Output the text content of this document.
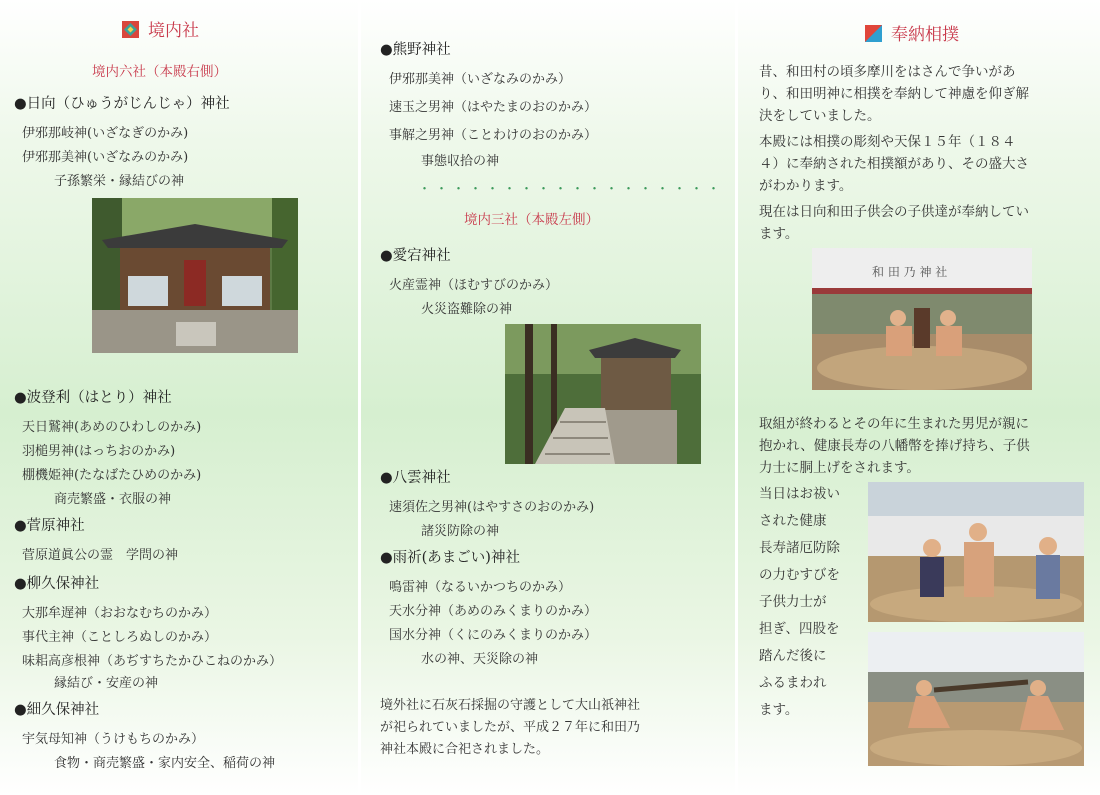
境内社
境内六社（本殿右側）
●日向（ひゅうがじんじゃ）神社
伊邪那岐神(いざなぎのかみ)
伊邪那美神(いざなみのかみ)
子孫繁栄・縁結びの神
●波登利（はとり）神社
天日鷲神(あめのひわしのかみ)
羽槌男神(はっちおのかみ)
棚機姫神(たなばたひめのかみ)
商売繁盛・衣服の神
●菅原神社
菅原道眞公の霊　学問の神
●柳久保神社
大那牟遅神（おおなむちのかみ）
事代主神（ことしろぬしのかみ）
味耜高彦根神（あぢすちたかひこねのかみ）
縁結び・安産の神
●細久保神社
宇気母知神（うけもちのかみ）
食物・商売繁盛・家内安全、稲荷の神
●熊野神社
伊邪那美神（いざなみのかみ）
速玉之男神（はやたまのおのかみ）
事解之男神（ことわけのおのかみ）
事態収拾の神
・・・・・・・・・・・・・・・・・・
境内三社（本殿左側）
●愛宕神社
火産霊神（ほむすびのかみ）
火災盗難除の神
●八雲神社
速須佐之男神(はやすさのおのかみ)
諸災防除の神
●雨祈(あまごい)神社
鳴雷神（なるいかつちのかみ）
天水分神（あめのみくまりのかみ）
国水分神（くにのみくまりのかみ）
水の神、天災除の神
境外社に石灰石採掘の守護として大山祇神社
が祀られていましたが、平成２７年に和田乃
神社本殿に合祀されました。
奉納相撲
昔、和田村の頃多摩川をはさんで争いがあ
り、和田明神に相撲を奉納して神慮を仰ぎ解
決をしていました。
本殿には相撲の彫刻や天保１５年（１８４
４）に奉納された相撲額があり、その盛大さ
がわかります。
現在は日向和田子供会の子供達が奉納してい
ます。
和 田 乃 神 社
取組が終わるとその年に生まれた男児が親に
抱かれ、健康長寿の八幡幣を捧げ持ち、子供
力士に胴上げをされます。
当日はお祓い
された健康
長寿諸厄防除
の力むすびを
子供力士が
担ぎ、四股を
踏んだ後に
ふるまわれ
ます。
